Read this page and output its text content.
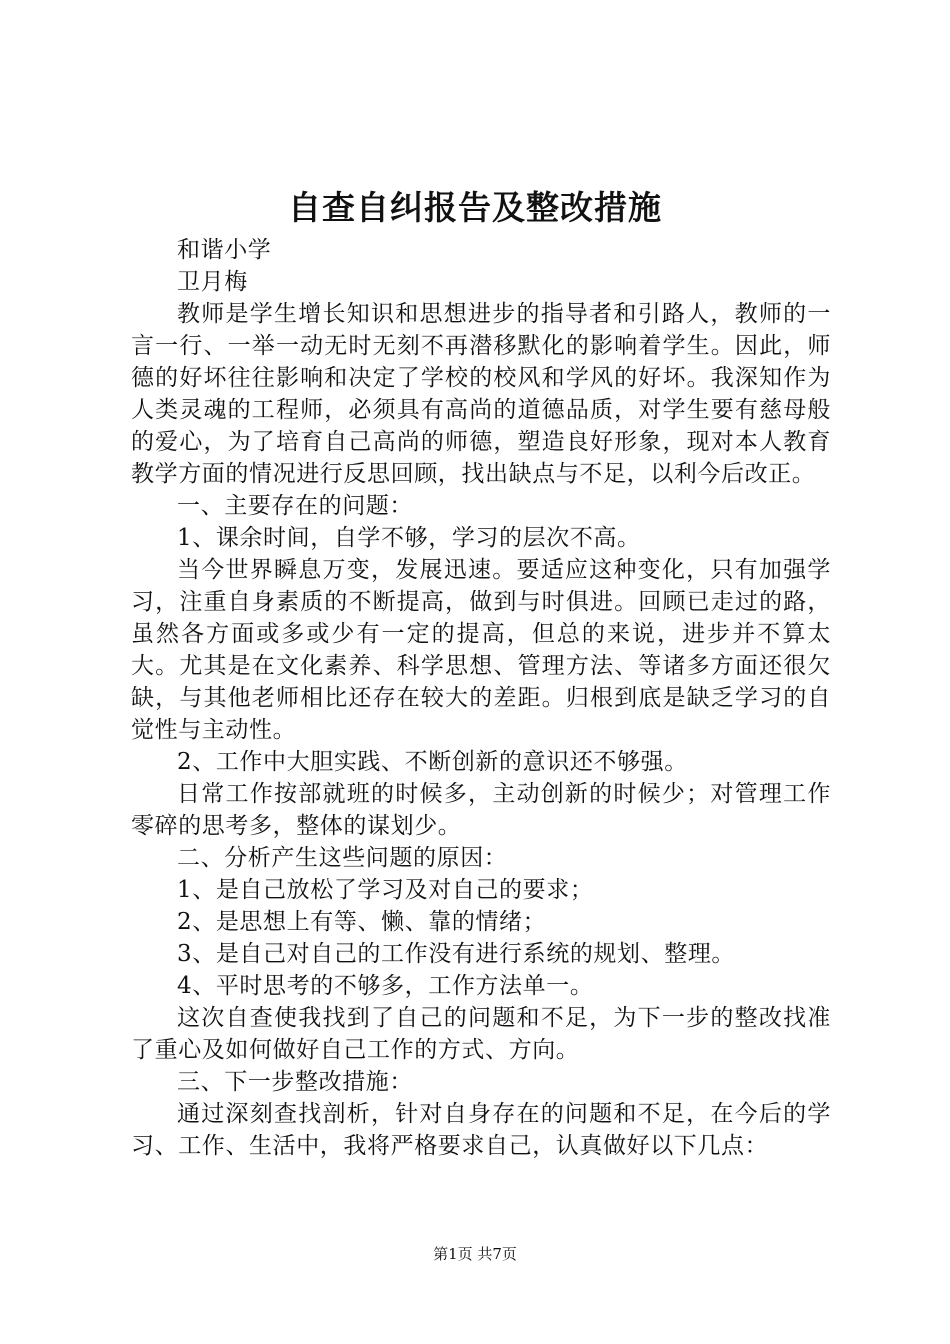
自查自纠报告及整改措施

和谐小学

卫月梅

教师是学生增长知识和思想进步的指导者和引路人，教师的一言一行、一举一动无时无刻不再潜移默化的影响着学生。因此，师德的好坏往往影响和决定了学校的校风和学风的好坏。我深知作为人类灵魂的工程师，必须具有高尚的道德品质，对学生要有慈母般的爱心，为了培育自己高尚的师德，塑造良好形象，现对本人教育教学方面的情况进行反思回顾，找出缺点与不足，以利今后改正。

一、主要存在的问题：

1、课余时间，自学不够，学习的层次不高。

当今世界瞬息万变，发展迅速。要适应这种变化，只有加强学习，注重自身素质的不断提高，做到与时俱进。回顾已走过的路，虽然各方面或多或少有一定的提高，但总的来说，进步并不算太大。尤其是在文化素养、科学思想、管理方法、等诸多方面还很欠缺，与其他老师相比还存在较大的差距。归根到底是缺乏学习的自觉性与主动性。

2、工作中大胆实践、不断创新的意识还不够强。

日常工作按部就班的时候多，主动创新的时候少；对管理工作零碎的思考多，整体的谋划少。

二、分析产生这些问题的原因：

1、是自己放松了学习及对自己的要求；

2、是思想上有等、懒、靠的情绪；

3、是自己对自己的工作没有进行系统的规划、整理。

4、平时思考的不够多，工作方法单一。

这次自查使我找到了自己的问题和不足，为下一步的整改找准了重心及如何做好自己工作的方式、方向。

三、下一步整改措施：

通过深刻查找剖析，针对自身存在的问题和不足，在今后的学习、工作、生活中，我将严格要求自己，认真做好以下几点：

第1页 共7页
